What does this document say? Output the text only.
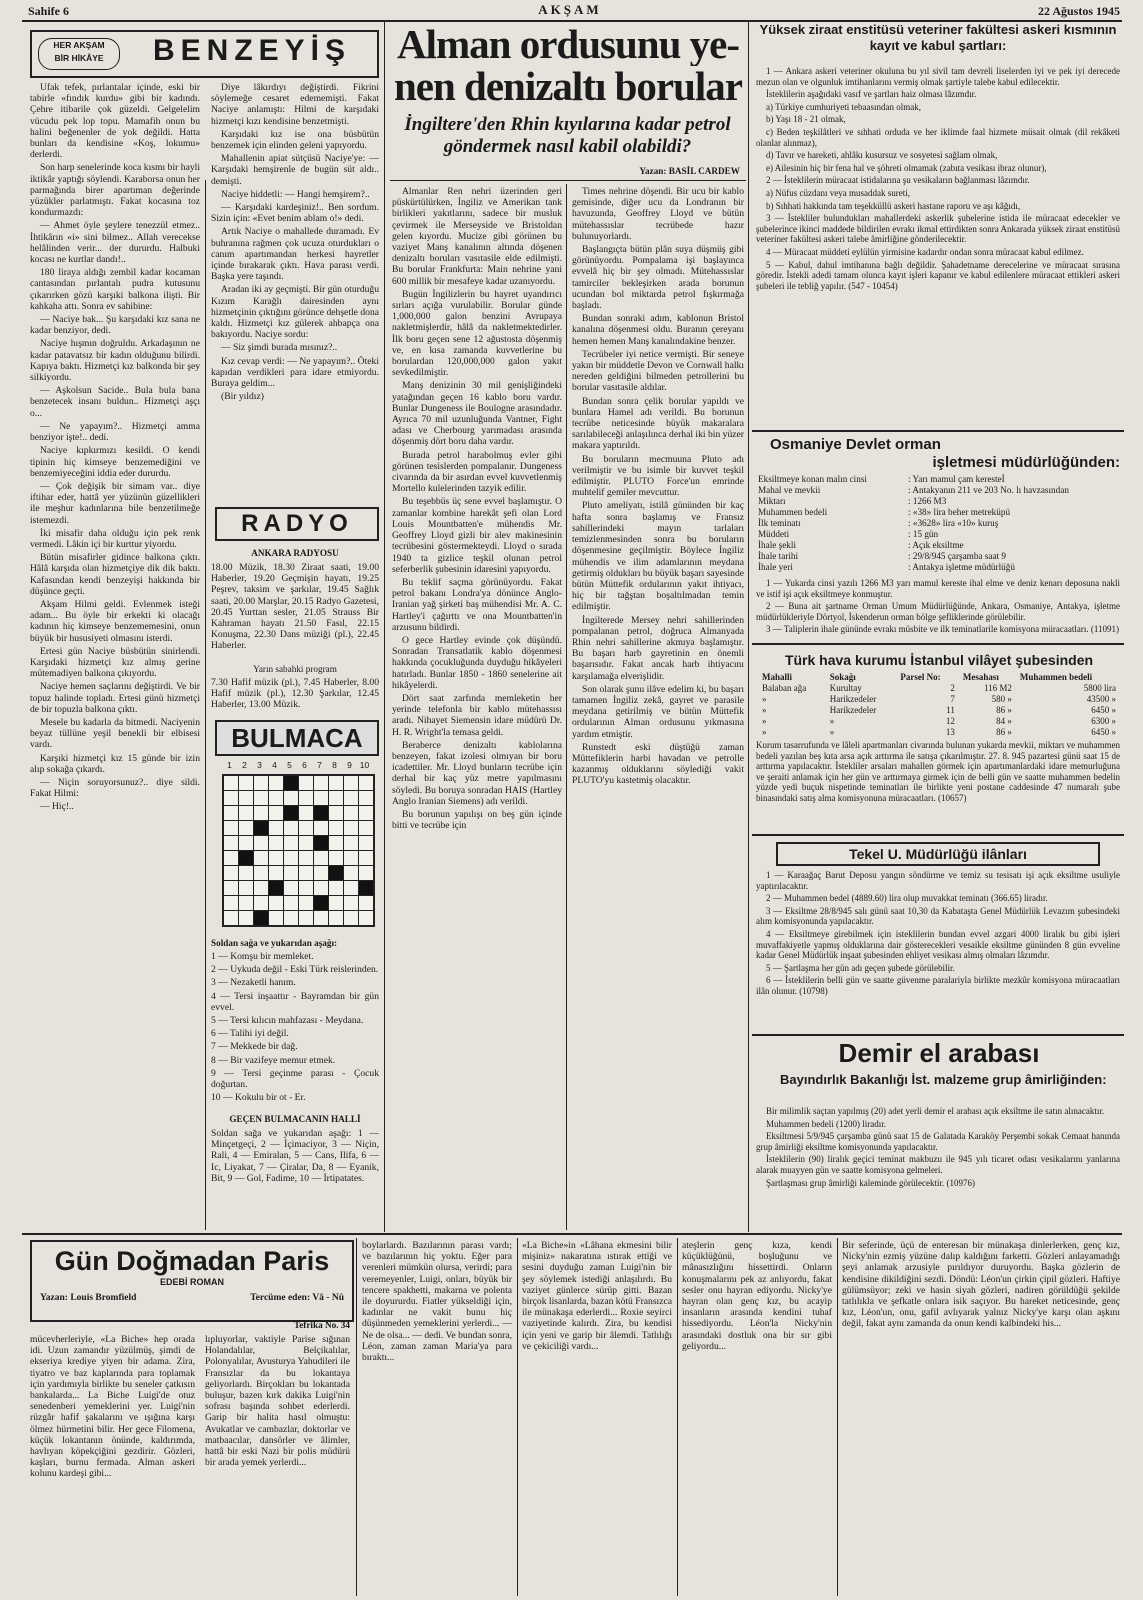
Sahife 6	AKŞAM	22 Ağustos 1945
HER AKŞAM
BİR HİKÂYE	BENZEYİŞ

Ufak tefek, pırlantalar içinde, eski bir tabirle «fındık kurdu» gibi bir kadındı. Çehre itibarile çok güzeldi. Gelgelelim vücudu pek lop topu. Mamafih onun bu halini beğenenler de yok değildi. Hatta bunları da kendisine «Koş, lokumu» derlerdi.

Son harp senelerinde koca kısmı bir hayli iktikâr yaptığı söylendi. Karaborsa onun her parmağında birer apartıman değerinde yüzükler parlatmıştı. Fakat kocasına toz kondurmazdı:

— Ahmet öyle şeylere tenezzül etmez.. İhtikârın «i» sini bilmez.. Allah verecekse helâlinden verir... der dururdu. Halbuki kocası ne kurtlar dandı!..

180 liraya aldığı zembil kadar kocaman cantasından pırlantalı pudra kutusunu çıkarırken gözü karşıki balkona ilişti. Bir kahkaha attı. Sonra ev sahibine:

— Naciye bak... Şu karşıdaki kız sana ne kadar benziyor, dedi.

Naciye hışmın doğruldu. Arkadaşının ne kadar patavatsız bir kadın olduğunu bilirdi. Kapıya baktı. Hizmetçi kız balkonda bir şey silkiyordu.

— Aşkolsun Sacide.. Bula bula bana benzetecek insanı buldun.. Hizmetçi aşçı o...

— Ne yapayım?.. Hizmetçi amma benziyor işte!.. dedi.

Naciye kıpkırmızı kesildi. O kendi tipinin hiç kimseye benzemediğini ve benzemiyeceğini iddia eder dururdu.

— Çok değişik bir simam var.. diye iftihar eder, hattâ yer yüzünün güzellikleri ile meşhur kadınlarına bile benzetilmeğe istemezdi.

İki misafir daha olduğu için pek renk vermedi. Lâkin içi bir kurttur yiyordu.

Bütün misafirler gidince balkona çıktı. Hâlâ karşıda olan hizmetçiye dik dik baktı. Kafasından kendi benzeyişi hakkında bir düşünce geçti.

Akşam Hilmi geldi. Evlenmek isteği adam... Bu öyle bir erkekti ki olacağı kadının hiç kimseye benzememesini, onun büyük bir hususiyeti olmasını isterdi.

Ertesi gün Naciye büsbütün sinirlendi. Karşıdaki hizmetçi kız almış gerine mütemadiyen balkona çıkıyordu.

Naciye hemen saçlarını değiştirdi. Ve bir topuz halinde topladı. Ertesi günü hizmetçi de bir topuzla balkona çıktı.

Mesele bu kadarla da bitmedi. Naciyenin beyaz tüllüne yeşil benekli bir elbisesi vardı.

Karşıki hizmetçi kız 15 günde bir izin alıp sokağa çıkardı.

— Niçin soruyorsunuz?.. diye sildi. Fakat Hilmi:

— Hiç!..

Diye lâkırdıyı değiştirdi. Fikrini söylemeğe cesaret edememişti. Fakat Naciye anlamıştı: Hilmi de karşıdaki hizmetçi kızı kendisine benzetmişti.

Karşıdaki kız ise ona büsbütün benzemek için elinden geleni yapıyordu.

Mahallenin apiat sütçüsü Naciye'ye: — Karşıdaki hemşirenle de bugün süt aldı.. demişti.

Naciye hiddetli: — Hangi hemşirem?..

— Karşıdaki kardeşiniz!.. Ben sordum. Sizin için: «Evet benim ablam o!» dedi.

Artık Naciye o mahallede duramadı. Ev buhranına rağmen çok ucuza oturdukları o canım apartımandan herkesi hayretler içinde bırakarak çıktı. Hava parası verdi. Başka yere taşındı.

Aradan iki ay geçmişti. Bir gün oturduğu Kızım Karağlı dairesinden aynı hizmetçinin çıktığını görünce dehşetle dona kaldı. Hizmetçi kız gülerek ahbapça ona bakıyordu. Naciye sordu:

— Siz şimdi burada mısınız?..

Kız cevap verdi: — Ne yapayım?.. Öteki kapıdan verdikleri para idare etmiyordu. Buraya geldim...

(Bir yıldız)

RADYO
ANKARA RADYOSU
18.00 Müzik, 18.30 Ziraat saati, 19.00 Haberler, 19.20 Geçmişin hayatı, 19.25 Peşrev, taksim ve şarkılar, 19.45 Sağlık saati, 20.00 Marşlar, 20.15 Radyo Gazetesi, 20.45 Yurttan sesler, 21.05 Strauss Bir Kahraman hayatı 21.50 Fasıl, 22.15 Konuşma, 22.30 Dans müziği (pl.), 22.45 Haberler.
Yarın sabahki program
7.30 Hafif müzik (pl.), 7.45 Haberler, 8.00 Hafif müzik (pl.), 12.30 Şarkılar, 12.45 Haberler, 13.00 Müzik.
BULMACA
1	2	3	4	5	6	7	8	9 10
Soldan sağa ve yukarıdan aşağı:

1 — Komşu bir memleket.

2 — Uykuda değil - Eski Türk reislerinden.

3 — Nezaketli hanım.

4 — Tersi inşaattır - Bayramdan bir gün evvel.

5 — Tersi kılıcın mahfazası - Meydana.

6 — Talihi iyi değil.

7 — Mekkede bir dağ.

8 — Bir vazifeye memur etmek.

9 — Tersi geçinme parası - Çocuk doğurtan.

10 — Kokulu bir ot - Er.

GEÇEN BULMACANIN HALLİ
Soldan sağa ve yukarıdan aşağı: 1 — Minçetgeçi, 2 — İçimaciyor, 3 — Niçin, Rali, 4 — Emiralan, 5 — Cans, Ilifa, 6 — Ic, Liyakat, 7 — Çiralar, Da, 8 — Eyanik, Bit, 9 — Gol, Fadime, 10 — İrtipatates.
Alman ordusunu ye-
nen denizaltı borular
İngiltere'den Rhin kıyılarına kadar petrol göndermek nasıl kabil olabildi?
Yazan: BASİL CARDEW

Almanlar Ren nehri üzerinden geri püskürtülürken, İngiliz ve Amerikan tank birlikleri yakıtlarını, sadece bir musluk çevirmek ile Merseyside ve Bristoldan gelen kıyordu. Mucize gibi görünen bu vaziyet Manş kanalının altında döşenen denizaltı boruları vasıtasile elde edilmişti. Bu borular Frankfurta: Main nehrine yani 600 millik bir mesafeye kadar uzanıyordu.

Bugün İngilizlerin bu hayret uyandırıcı sırları açığa vurulabilir. Borular günde 1,000,000 galon benzini Avrupaya nakletmişlerdir, hâlâ da nakletmektedirler. İlk boru geçen sene 12 ağustosta döşenmiş ve, en kısa zamanda kuvvetlerine bu borulardan 120,000,000 galon yakıt sevkedilmiştir.

Manş denizinin 30 mil genişliğindeki yatağından geçen 16 kablo boru vardır. Bunlar Dungeness ile Boulogne arasındadır. Ayrıca 70 mil uzunluğunda Vantner, Fight adası ve Cherbourg yarımadası arasında döşenmiş dört boru daha vardır.

Burada petrol harabolmuş evler gibi görünen tesislerden pompalanır. Dungeness civarında da bir asırdan evvel kuvvetlenmiş Mortello kulelerinden tazyik edilir.

Bu teşebbüs üç sene evvel başlamıştır. O zamanlar kombine harekât şefi olan Lord Louis Mountbatten'e mühendis Mr. Geoffrey Lloyd gizli bir alev makinesinin tecrübesini göstermekteydi. Lloyd o sırada 1940 ta gizlice teşkil olunan petrol seferberlik şubesinin idaresini yapıyordu.

Bu teklif saçma görünüyordu. Fakat petrol bakanı Londra'ya dönünce Anglo-Iranian yağ şirketi baş mühendisi Mr. A. C. Hartley'i çağırttı ve ona Mountbatten'in arzusunu bildirdi.

O gece Hartley evinde çok düşündü. Sonradan Transatlatik kablo döşenmesi hakkında çocukluğunda duyduğu hikâyeleri hatırladı. Bunlar 1850 - 1860 senelerine ait hikâyelerdi.

Dört saat zarfında memleketin her yerinde telefonla bir kablo mütehassısı aradı. Nihayet Siemensin idare müdürü Dr. H. R. Wright'la temasa geldi.

Beraberce denizaltı kablolarına benzeyen, fakat izolesi olmıyan bir boru icadettiler. Mr. Lloyd bunların tecrübe için derhal bir kaç yüz metre yapılmasını söyledi. Bu boruya sonradan HAIS (Hartley Anglo Iranian Siemens) adı verildi.

Bu borunun yapılışı on beş gün içinde bitti ve tecrübe için

Times nehrine döşendi. Bir ucu bir kablo gemisinde, diğer ucu da Londranın bir havuzunda, Geoffrey Lloyd ve bütün mütehassıslar tecrübede hazır bulunuyorlardı.

Başlangıçta bütün plân suya düşmüş gibi görünüyordu. Pompalama işi başlayınca evvelâ hiç bir şey olmadı. Mütehassıslar tamirciler bekleşirken arada borunun ucundan bol miktarda petrol fışkırmağa başladı.

Bundan sonraki adım, kablonun Bristol kanalına döşenmesi oldu. Buranın çereyanı hemen hemen Manş kanalındakine benzer.

Tecrübeler iyi netice vermişti. Bir seneye yakın bir müddetle Devon ve Cornwall halkı nereden geldiğini bilmeden petrollerini bu borular vasıtasile aldılar.

Bundan sonra çelik borular yapıldı ve bunlara Hamel adı verildi. Bu borunun tecrübe neticesinde büyük makaralara sarılabileceği anlaşılınca derhal iki bin yüzer makara yaptırıldı.

Bu boruların mecmuuna Pluto adı verilmiştir ve bu isimle bir kuvvet teşkil edilmiştir. PLUTO Force'un emrinde muhtelif gemiler mevcuttur.

Pluto ameliyatı, istilâ gününden bir kaç hafta sonra başlamış ve Fransız sahillerindeki mayın tarlaları temizlenmesinden sonra bu boruların döşenmesine geçilmiştir. Böylece İngiliz mühendis ve ilim adamlarının meydana getirmiş oldukları bu büyük başarı sayesinde bütün Müttefik ordularının yakıt ihtiyacı, hiç bir tağştan boşaltılmadan temin edilmiştir.

İngilterede Mersey nehri sahillerinden pompalanan petrol, doğruca Almanyada Rhin nehri sahillerine akmıya başlamıştır. Bu başarı harb gayretinin en önemli başarısıdır. Fakat ancak harb ihtiyacını karşılamağa elverişlidir.

Son olarak şunu ilâve edelim ki, bu başarı tamamen İngiliz zekâ, gayret ve parasile meydana getirilmiş ve bütün Müttefik ordularının Alman ordusunu yıkmasına yardım etmiştir.

Runstedt eski düştüğü zaman Müttefiklerin harbi havadan ve petrolle kazanmış olduklarını söylediği vakit PLUTO'yu kastetmiş olacaktır.

Yüksek ziraat enstitüsü veteriner fakültesi askeri kısmının kayıt ve kabul şartları:

1 — Ankara askeri veteriner okuluna bu yıl sivil tam devreli liselerden iyi ve pek iyi derecede mezun olan ve olgunluk imtihanlarını vermiş olmak şartiyle talebe kabul edilecektir.

İsteklilerin aşağıdaki vasıf ve şartları haiz olması lâzımdır.

a) Türkiye cumhuriyeti tebaasından olmak,

b) Yaşı 18 - 21 olmak,

c) Beden teşkilâtleri ve sıhhati orduda ve her iklimde faal hizmete müsait olmak (dil rekâketi olanlar alınmaz),

d) Tavır ve hareketi, ahlâkı kusursuz ve sosyetesi sağlam olmak,

e) Ailesinin hiç bir fena hal ve şöhreti olmamak (zabıta vesikası ibraz olunur),

2 — İsteklilerin müracaat istidalarına şu vesikaların bağlanması lâzımdır.

a) Nüfus cüzdanı veya musaddak sureti,

b) Sıhhati hakkında tam teşekküllü askeri hastane raporu ve aşı kâğıdı,

3 — İstekliler bulundukları mahallerdeki askerlik şubelerine istida ile müracaat edecekler ve şubelerince ikinci maddede bildirilen evrakı ikmal ettirdikten sonra Ankarada yüksek ziraat enstitüsü veteriner fakültesi askeri talebe âmirliğine gönderilecektir.

4 — Müracaat müddeti eylülün yirmisine kadardır ondan sonra müracaat kabul edilmez.

5 — Kabul, dahul imtihanına bağlı değildir. Şahadetname derecelerine ve müracaat sırasına göredir. İstekli adedi tamam olunca kayıt işleri kapanır ve kabul edilenlere müracaat ettikleri askeri şubeleri ile tebliğ yapılır. (547 - 10454)

Osmaniye Devlet orman
işletmesi müdürlüğünden:
Eksiltmeye konan malın cinsi	: Yarı mamul çam keresteİ
Mahal ve mevkii	: Antakyanın 211 ve 203 No. lı havzasından
Miktarı	: 1266 M3
Muhammen bedeli	: «38» lira beher metreküpü
İlk teminatı	: «3628» lira «10» kuruş
Müddeti	: 15 gün
İhale şekli	: Açık eksiltme
İhale tarihi	: 29/8/945 çarşamba saat 9
İhale yeri	: Antakya işletme müdürlüğü

1 — Yukarda cinsi yazılı 1266 M3 yarı mamul kereste ihal elme ve deniz kenarı deposuna nakli ve istif işi açık eksiltmeye konmuştur.

2 — Buna ait şartname Orman Umum Müdürlüğünde, Ankara, Osmaniye, Antakya, işletme müdürlükleriyle Dörtyol, İskenderun orman bölge şefliklerinde görülebilir.

3 — Taliplerin ihale gününde evrakı müsbite ve ilk teminatlarile komisyona müracaatları. (11091)

Türk hava kurumu İstanbul vilâyet şubesinden
Mahalli	Sokağı	Parsel No:	Mesahası	Muhammen bedeli
Balaban ağa	Kurultay	2	116 M2	5800 lira
»	Harikzedeler	7	580 »	43500 »
»	Harikzedeler	11	86 »	6450 »
»	»	12	84 »	6300 »
»	»	13	86 »	6450 »
Kurum tasarrufunda ve lâleli apartmanları civarında bulunan yukarda mevkii, miktarı ve muhammen bedeli yazılan beş kıta arsa açık arttırma ile satışa çıkarılmıştır. 27. 8. 945 pazartesi günü saat 15 de arttırma yapılacaktır. İstekliler arsaları mahallen görmek için apartımanlardaki idare memurluğuna ve şeraiti anlamak için her gün ve arttırmaya girmek için de belli gün ve saatte muhammen bedelin yüzde yedi buçuk nispetinde teminatları ile birlikte yeni postane caddesinde 47 numaralı şube binasındaki satış alma komisyonuna müracaatları. (10657)
Tekel U. Müdürlüğü ilânları

1 — Karaağaç Barut Deposu yangın söndürme ve temiz su tesisatı işi açık eksiltme usuliyle yaptırılacaktır.

2 — Muhammen bedel (4889.60) lira olup muvakkat teminatı (366.65) liradır.

3 — Eksiltme 28/8/945 salı günü saat 10,30 da Kabataşta Genel Müdürlük Levazım şubesindeki alım komisyonunda yapılacaktır.

4 — Eksiltmeye girebilmek için isteklilerin bundan evvel azgari 4000 liralık bu gibi işleri muvaffakiyetle yapmış olduklarına dair gösterecekleri vesaikle eksiltme gününden 8 gün evveline kadar Genel Müdürlük inşaat şubesinden ehliyet vesikası almış olmaları lâzımdır.

5 — Şartlaşma her gün adı geçen şubede görülebilir.

6 — İsteklilerin belli gün ve saatte güvenme paralariyla birlikte mezkûr komisyona müracaatları ilân olunur. (10798)

Demir el arabası
Bayındırlık Bakanlığı İst. malzeme grup âmirliğinden:

Bir milimlik saçtan yapılmış (20) adet yerli demir el arabası açık eksiltme ile satın alınacaktır.

Muhammen bedeli (1200) liradır.

Eksiltmesi 5/9/945 çarşamba günü saat 15 de Galatada Karaköy Perşembi sokak Cemaat hanında grup âmirliği eksiltme komisyonunda yapılacaktır.

İsteklilerin (90) liralık geçici teminat makbuzu ile 945 yılı ticaret odası vesikalarını yanlarına alarak muayyen gün ve saatte komisyona gelmeleri.

Şartlaşması grup âmirliği kaleminde görülecektir. (10976)

Gün Doğmadan Paris
EDEBİ ROMAN
Yazan: Louis Bromfield	Tercüme eden: Vâ - Nû
Tefrika No. 34
mücevherleriyle, «La Biche» hep orada idi. Uzun zamandır yüzülmüş, şimdi de ekseriya krediye yiyen bir adama. Zira, tiyatro ve baz kaplarında para toplamak için yardımıyla birlikte bu seneler çatkısın bankalarda... La Biche Luigi'de otuz senedenberi yemeklerini yer. Luigi'nin rüzgâr hafif şakalarını ve ışığına karşı ölmez hürmetini bilir. Her gece Filomena, küçük lokantanın önünde, kaldırımda, havlıyan köpekçiğini gezdirir. Gözleri, kaşları, burnu fermada. Alman askeri kolunu kardeşi gibi...
lıpluyorlar, vaktiyle Parise sığınan Holandalılar, Belçikalılar, Polonyalılar, Avusturya Yahudileri ile Fransızlar da bu lokantaya geliyorlardı. Birçokları bu lokantada buluşur, bazen kırk dakika Luigi'nin sofrası başında sohbet ederlerdi. Garip bir halita hasıl olmuştu: Avukatlar ve cambazlar, doktorlar ve matbaacılar, dansörler ve âlimler, hattâ bir eski Nazi bir polis müdürü bir arada yemek yerlerdi...
boylarlardı. Bazılarının parası vardı; ve bazılarının hiç yoktu. Eğer para verenleri mümkün olursa, verirdi; para veremeyenler, Luigi, onları, büyük bir tencere spakhetti, makarna ve polenta ile doyururdu. Fiatler yükseldiği için, kadınlar ne vakit bunu hiç düşünmeden yemeklerini yerlerdi... — Ne de olsa... — dedi. Ve bundan sonra, Léon, zaman zaman Maria'ya para bıraktı...
«La Biche»in «Lâhana ekmesini bilir mişiniz» nakaratına ıstırak ettiği ve sesini duyduğu zaman Luigi'nin bir şey söylemek istediği anlaşılırdı. Bu vaziyet günlerce sürüp gitti. Bazan birçok lisanlarda, bazan kötü Fransızca ile münakaşa ederlerdi... Roxie seyirci vaziyetinde kalırdı. Zira, bu kendisi için yeni ve garip bir âlemdi. Tatlılığı ve çekiciliği vardı...
ateşlerin genç kıza, kendi küçüklüğünü, boşluğunu ve mânasızlığını hissettirdi. Onların konuşmalarını pek az anlıyordu, fakat sesler onu hayran ediyordu. Nicky'ye hayran olan genç kız, bu acayip insanların arasında kendini tuhaf hissediyordu. Léon'la Nicky'nin arasındaki dostluk ona bir sır gibi geliyordu...
Bir seferinde, üçü de enteresan bir münakaşa dinlerlerken, genç kız, Nicky'nin ezmiş yüzüne dalıp kaldığını farketti. Gözleri anlayamadığı şeyi anlamak arzusiyle pırıldıyor duruyordu. Başka gözlerin de kendisine dikildiğini sezdi. Döndü: Léon'un çirkin çipil gözleri. Haftiye gülümsüyor; zeki ve hasin siyah gözleri, nadiren görüldüğü şekilde tatlılıkla ve şefkatle onlara isik saçıyor. Bu hareket neticesinde, genç kız, Léon'un, onu, gafil avlıyarak yalnız Nicky'ye karşı olan aşkını değil, fakat aynı zamanda da onun kendi kalbindeki his...
